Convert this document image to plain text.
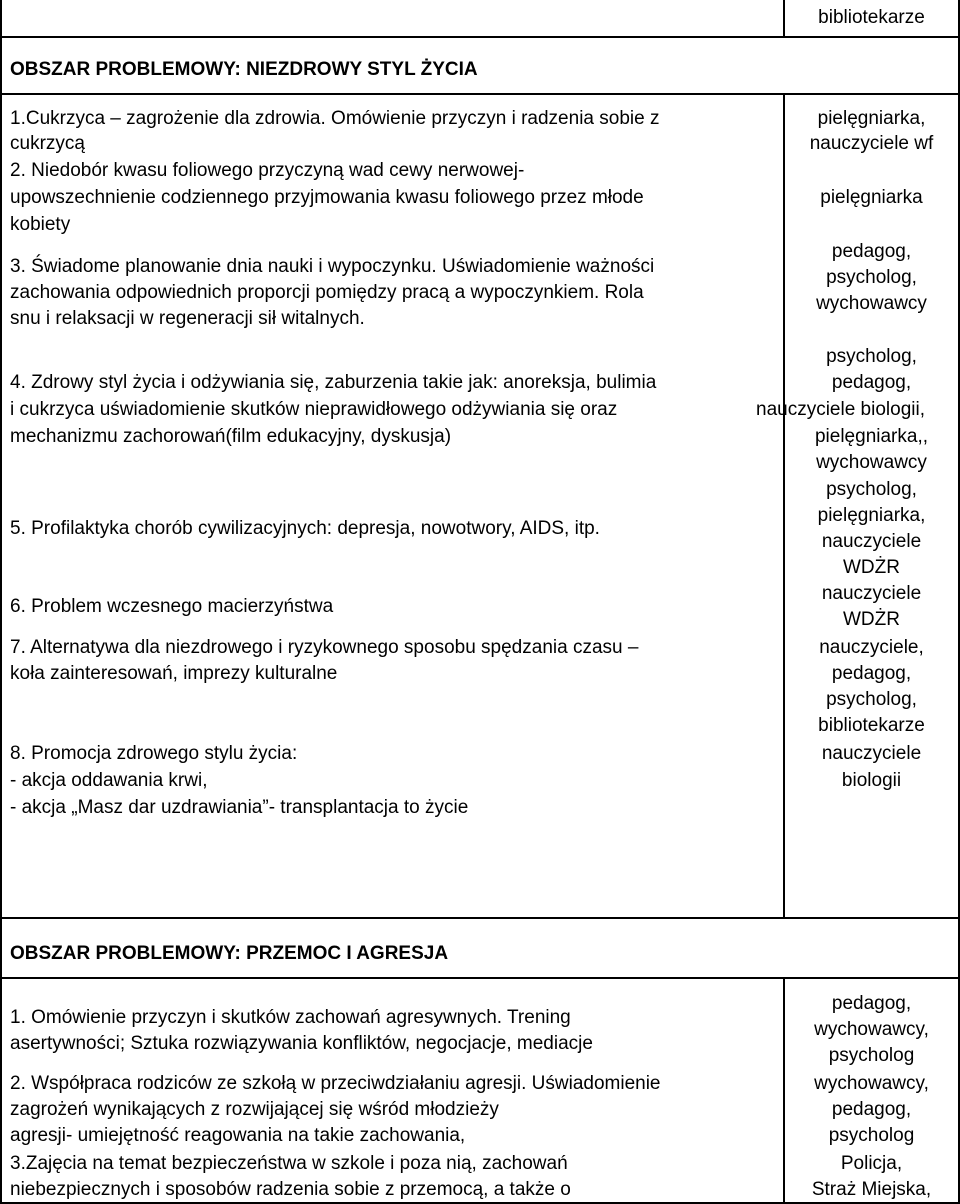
bibliotekarze
OBSZAR PROBLEMOWY: NIEZDROWY STYL ŻYCIA
1.Cukrzyca – zagrożenie dla zdrowia. Omówienie przyczyn i radzenia sobie z
cukrzycą
pielęgniarka,
nauczyciele wf
2. Niedobór kwasu foliowego przyczyną wad cewy nerwowej-
upowszechnienie codziennego przyjmowania kwasu foliowego przez młode
kobiety
pielęgniarka
3. Świadome planowanie dnia nauki i wypoczynku. Uświadomienie ważności
zachowania odpowiednich proporcji pomiędzy pracą a wypoczynkiem. Rola
snu i relaksacji w regeneracji sił witalnych.
pedagog,
psycholog,
wychowawcy
4. Zdrowy styl życia i odżywiania się, zaburzenia takie jak: anoreksja, bulimia
i cukrzyca uświadomienie skutków nieprawidłowego odżywiania się oraz
mechanizmu zachorowań(film edukacyjny, dyskusja)
psycholog,
pedagog,
nauczyciele biologii,
pielęgniarka,,
wychowawcy
5. Profilaktyka chorób cywilizacyjnych: depresja, nowotwory, AIDS, itp.
psycholog,
pielęgniarka,
nauczyciele
WDŻR
6. Problem wczesnego macierzyństwa
nauczyciele
WDŻR
7. Alternatywa dla niezdrowego i ryzykownego sposobu spędzania czasu –
koła zainteresowań, imprezy kulturalne
nauczyciele,
pedagog,
psycholog,
bibliotekarze
8. Promocja zdrowego stylu życia:
- akcja oddawania krwi,
- akcja „Masz dar uzdrawiania”- transplantacja to życie
nauczyciele
biologii
OBSZAR PROBLEMOWY: PRZEMOC I AGRESJA
1. Omówienie przyczyn i skutków zachowań agresywnych. Trening
asertywności; Sztuka rozwiązywania konfliktów, negocjacje, mediacje
pedagog,
wychowawcy,
psycholog
2. Współpraca rodziców ze szkołą w przeciwdziałaniu agresji. Uświadomienie
zagrożeń wynikających z rozwijającej się wśród młodzieży
agresji- umiejętność reagowania na takie zachowania,
wychowawcy,
pedagog,
psycholog
3.Zajęcia na temat bezpieczeństwa w szkole i poza nią, zachowań
niebezpiecznych i sposobów radzenia sobie z przemocą, a także o
Policja,
Straż Miejska,
